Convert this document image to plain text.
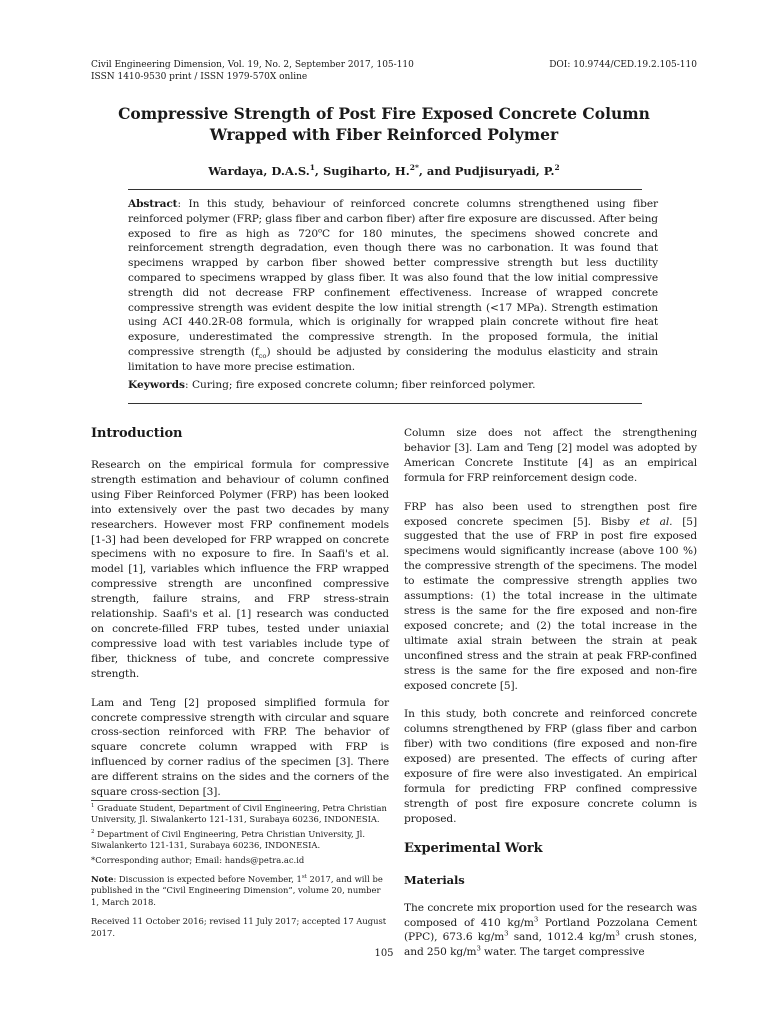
Civil Engineering Dimension, Vol. 19, No. 2, September 2017, 105-110
ISSN 1410-9530 print / ISSN 1979-570X online
DOI: 10.9744/CED.19.2.105-110
Compressive Strength of Post Fire Exposed Concrete Column Wrapped with Fiber Reinforced Polymer
Wardaya, D.A.S.$^1$, Sugiharto, H.$^{2*}$, and Pudjisuryadi, P.$^2$
Abstract: In this study, behaviour of reinforced concrete columns strengthened using fiber reinforced polymer (FRP; glass fiber and carbon fiber) after fire exposure are discussed. After being exposed to fire as high as 720$^o$C for 180 minutes, the specimens showed concrete and reinforcement strength degradation, even though there was no carbonation. It was found that specimens wrapped by carbon fiber showed better compressive strength but less ductility compared to specimens wrapped by glass fiber. It was also found that the low initial compressive strength did not decrease FRP confinement effectiveness. Increase of wrapped concrete compressive strength was evident despite the low initial strength (<17 MPa). Strength estimation using ACI 440.2R-08 formula, which is originally for wrapped plain concrete without fire heat exposure, underestimated the compressive strength. In the proposed formula, the initial compressive strength $(f_{co})$ should be adjusted by considering the modulus elasticity and strain limitation to have more precise estimation.
Keywords: Curing; fire exposed concrete column; fiber reinforced polymer.
Introduction

Research on the empirical formula for compressive strength estimation and behaviour of column confined using Fiber Reinforced Polymer (FRP) has been looked into extensively over the past two decades by many researchers. However most FRP confinement models [1-3] had been developed for FRP wrapped on concrete specimens with no exposure to fire. In Saafi's et al. model [1], variables which influence the FRP wrapped compressive strength are unconfined compressive strength, failure strains, and FRP stress-strain relationship. Saafi's et al. [1] research was conducted on concrete-filled FRP tubes, tested under uniaxial compressive load with test variables include type of fiber, thickness of tube, and concrete compressive strength.

Lam and Teng [2] proposed simplified formula for concrete compressive strength with circular and square cross-section reinforced with FRP. The behavior of square concrete column wrapped with FRP is influenced by corner radius of the specimen [3]. There are different strains on the sides and the corners of the square cross-section [3].

$^1$ Graduate Student, Department of Civil Engineering, Petra Christian University, Jl. Siwalankerto 121-131, Surabaya 60236, INDONESIA.

$^2$ Department of Civil Engineering, Petra Christian University, Jl. Siwalankerto 121-131, Surabaya 60236, INDONESIA.

*Corresponding author; Email: hands@petra.ac.id

Note: Discussion is expected before November, 1st 2017, and will be published in the “Civil Engineering Dimension”, volume 20, number 1, March 2018.

Received 11 October 2016; revised 11 July 2017; accepted 17 August 2017.

Column size does not affect the strengthening behavior [3]. Lam and Teng [2] model was adopted by American Concrete Institute [4] as an empirical formula for FRP reinforcement design code.

FRP has also been used to strengthen post fire exposed concrete specimen [5]. Bisby et al. [5] suggested that the use of FRP in post fire exposed specimens would significantly increase (above 100 %) the compressive strength of the specimens. The model to estimate the compressive strength applies two assumptions: (1) the total increase in the ultimate stress is the same for the fire exposed and non-fire exposed concrete; and (2) the total increase in the ultimate axial strain between the strain at peak unconfined stress and the strain at peak FRP-confined stress is the same for the fire exposed and non-fire exposed concrete [5].

In this study, both concrete and reinforced concrete columns strengthened by FRP (glass fiber and carbon fiber) with two conditions (fire exposed and non-fire exposed) are presented. The effects of curing after exposure of fire were also investigated. An empirical formula for predicting FRP confined compressive strength of post fire exposure concrete column is proposed.

Experimental Work
Materials

The concrete mix proportion used for the research was composed of 410 $kg/m^3$ Portland Pozzolana Cement (PPC), 673.6 $kg/m^3$ sand, 1012.4 $kg/m^3$ crush stones, and 250 $kg/m^3$ water. The target compressive

105
